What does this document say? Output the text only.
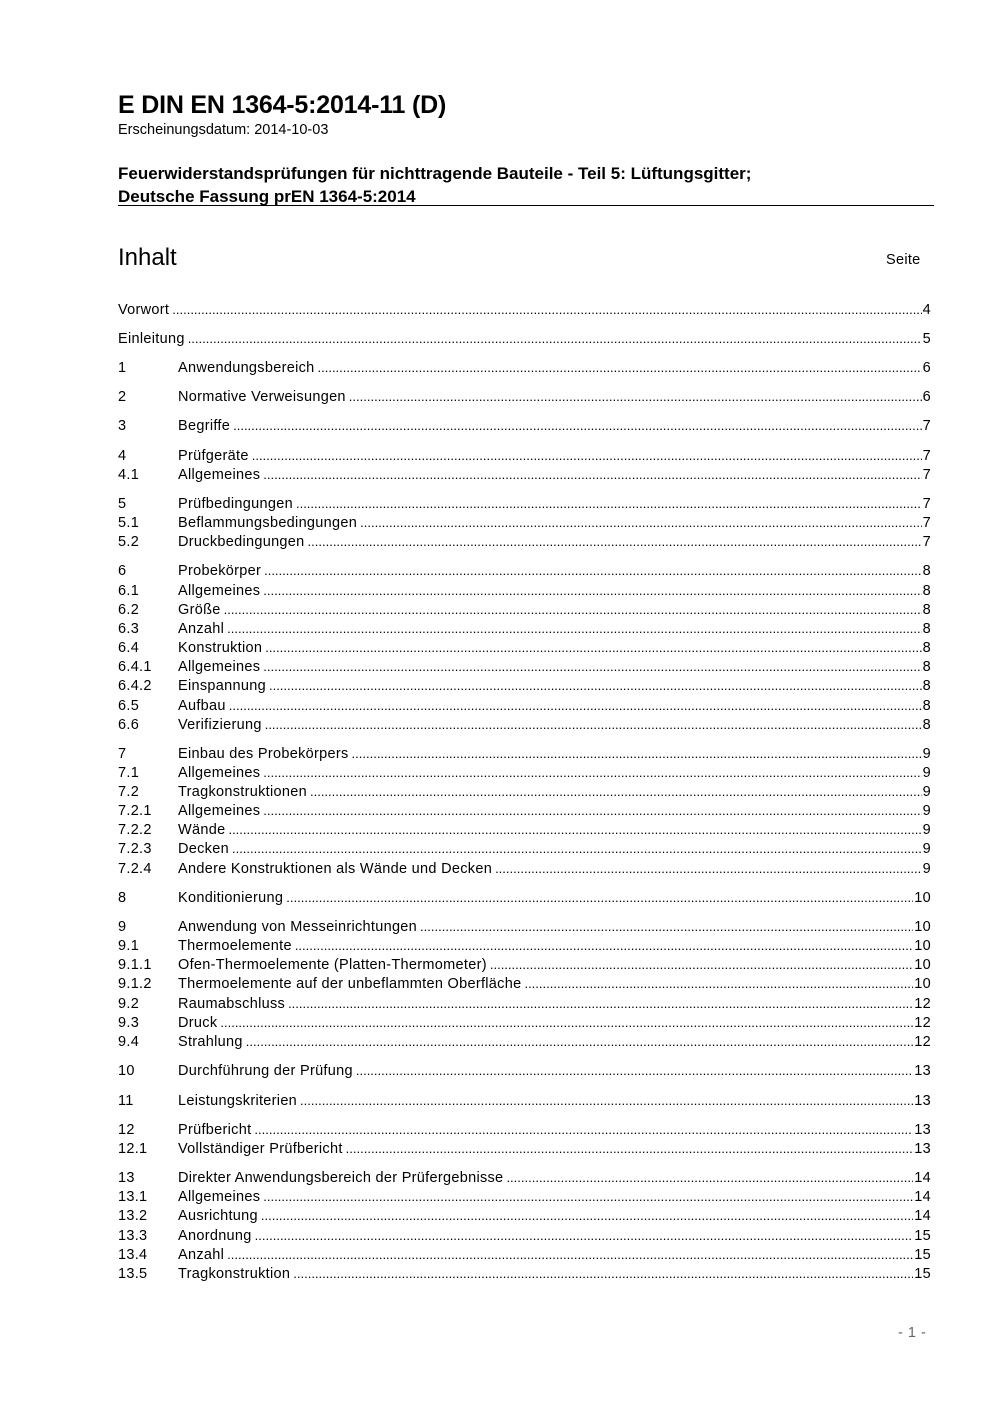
E DIN EN 1364-5:2014-11 (D)
Erscheinungsdatum: 2014-10-03
Feuerwiderstandsprüfungen für nichttragende Bauteile - Teil 5: Lüftungsgitter;
Deutsche Fassung prEN 1364-5:2014
Inhalt	Seite
Vorwort .....	4
Einleitung .....	5
1	Anwendungsbereich .....	6
2	Normative Verweisungen .....	6
3	Begriffe .....	7
4	Prüfgeräte .....	7
4.1	Allgemeines .....	7
5	Prüfbedingungen .....	7
5.1	Beflammungsbedingungen .....	7
5.2	Druckbedingungen .....	7
6	Probekörper .....	8
6.1	Allgemeines .....	8
6.2	Größe .....	8
6.3	Anzahl .....	8
6.4	Konstruktion .....	8
6.4.1	Allgemeines .....	8
6.4.2	Einspannung .....	8
6.5	Aufbau .....	8
6.6	Verifizierung .....	8
7	Einbau des Probekörpers .....	9
7.1	Allgemeines .....	9
7.2	Tragkonstruktionen .....	9
7.2.1	Allgemeines .....	9
7.2.2	Wände .....	9
7.2.3	Decken .....	9
7.2.4	Andere Konstruktionen als Wände und Decken .....	9
8	Konditionierung .....	10
9	Anwendung von Messeinrichtungen .....	10
9.1	Thermoelemente .....	10
9.1.1	Ofen-Thermoelemente (Platten-Thermometer) .....	10
9.1.2	Thermoelemente auf der unbeflammten Oberfläche .....	10
9.2	Raumabschluss .....	12
9.3	Druck .....	12
9.4	Strahlung .....	12
10	Durchführung der Prüfung .....	13
11	Leistungskriterien .....	13
12	Prüfbericht .....	13
12.1	Vollständiger Prüfbericht .....	13
13	Direkter Anwendungsbereich der Prüfergebnisse .....	14
13.1	Allgemeines .....	14
13.2	Ausrichtung .....	14
13.3	Anordnung .....	15
13.4	Anzahl .....	15
13.5	Tragkonstruktion .....	15
- 1 -
